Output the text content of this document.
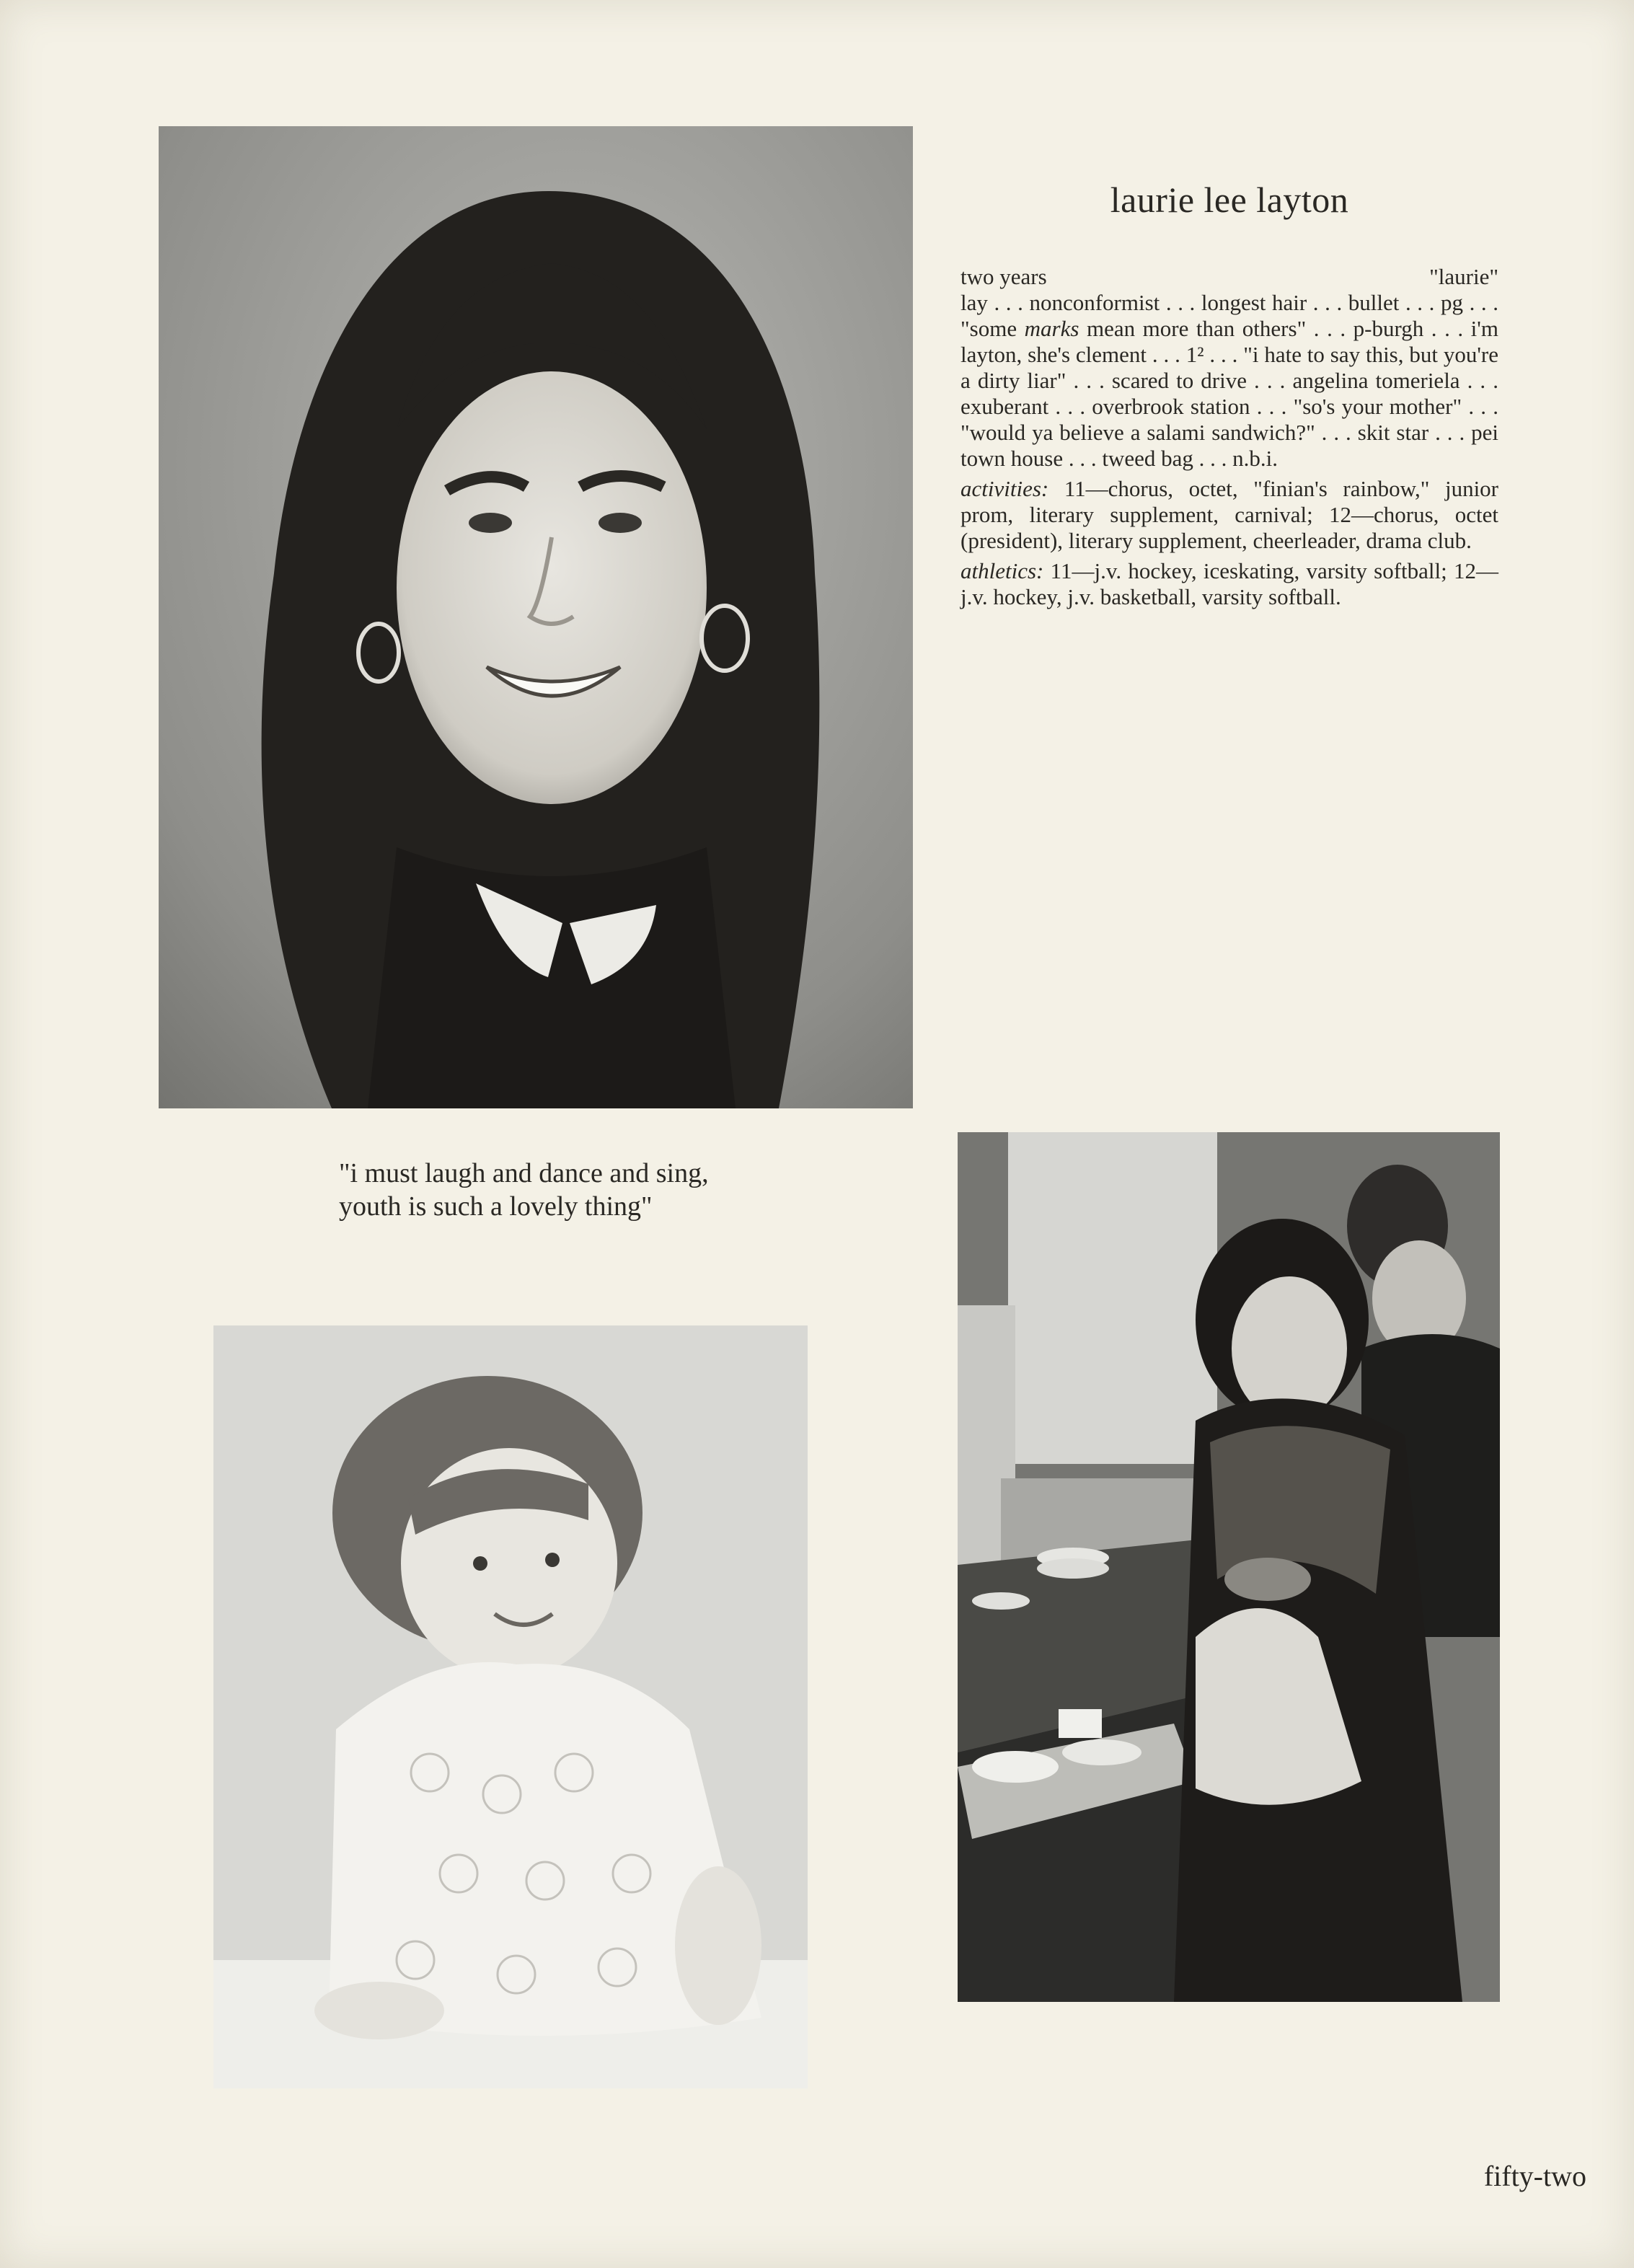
laurie lee layton
two years	"laurie"

lay . . . nonconformist . . . longest hair . . . bullet . . . pg . . . "some marks mean more than others" . . . p-burgh . . . i'm layton, she's clement . . . 1² . . . "i hate to say this, but you're a dirty liar" . . . scared to drive . . . angelina tomeriela . . . exuberant . . . overbrook station . . . "so's your mother" . . . "would ya believe a salami sandwich?" . . . skit star . . . pei town house . . . tweed bag . . . n.b.i.

activities: 11—chorus, octet, "finian's rainbow," junior prom, literary supplement, carnival; 12—chorus, octet (president), literary supplement, cheerleader, drama club.

athletics: 11—j.v. hockey, iceskating, varsity softball; 12—j.v. hockey, j.v. basketball, varsity softball.

"i must laugh and dance and sing,
youth is such a lovely thing"
fifty-two
